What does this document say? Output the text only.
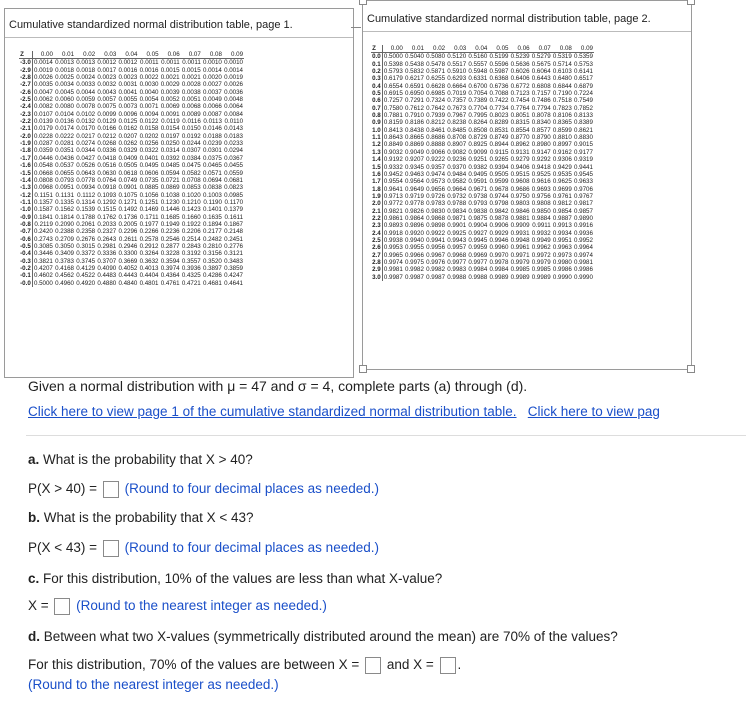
Cumulative standardized normal distribution table, page 1.
Z	0.00	0.01	0.02	0.03	0.04	0.05	0.06	0.07	0.08	0.09
-3.0	0.0014	0.0013	0.0013	0.0012	0.0012	0.0011	0.0011	0.0011	0.0010	0.0010
-2.9	0.0019	0.0018	0.0018	0.0017	0.0016	0.0016	0.0015	0.0015	0.0014	0.0014
-2.8	0.0026	0.0025	0.0024	0.0023	0.0023	0.0022	0.0021	0.0021	0.0020	0.0019
-2.7	0.0035	0.0034	0.0033	0.0032	0.0031	0.0030	0.0029	0.0028	0.0027	0.0026
-2.6	0.0047	0.0045	0.0044	0.0043	0.0041	0.0040	0.0039	0.0038	0.0037	0.0036
-2.5	0.0062	0.0060	0.0059	0.0057	0.0055	0.0054	0.0052	0.0051	0.0049	0.0048
-2.4	0.0082	0.0080	0.0078	0.0075	0.0073	0.0071	0.0069	0.0068	0.0066	0.0064
-2.3	0.0107	0.0104	0.0102	0.0099	0.0096	0.0094	0.0091	0.0089	0.0087	0.0084
-2.2	0.0139	0.0136	0.0132	0.0129	0.0125	0.0122	0.0119	0.0116	0.0113	0.0110
-2.1	0.0179	0.0174	0.0170	0.0166	0.0162	0.0158	0.0154	0.0150	0.0146	0.0143
-2.0	0.0228	0.0222	0.0217	0.0212	0.0207	0.0202	0.0197	0.0192	0.0188	0.0183
-1.9	0.0287	0.0281	0.0274	0.0268	0.0262	0.0256	0.0250	0.0244	0.0239	0.0233
-1.8	0.0359	0.0351	0.0344	0.0336	0.0329	0.0322	0.0314	0.0307	0.0301	0.0294
-1.7	0.0446	0.0436	0.0427	0.0418	0.0409	0.0401	0.0392	0.0384	0.0375	0.0367
-1.6	0.0548	0.0537	0.0526	0.0516	0.0505	0.0495	0.0485	0.0475	0.0465	0.0455
-1.5	0.0668	0.0655	0.0643	0.0630	0.0618	0.0606	0.0594	0.0582	0.0571	0.0559
-1.4	0.0808	0.0793	0.0778	0.0764	0.0749	0.0735	0.0721	0.0708	0.0694	0.0681
-1.3	0.0968	0.0951	0.0934	0.0918	0.0901	0.0885	0.0869	0.0853	0.0838	0.0823
-1.2	0.1151	0.1131	0.1112	0.1093	0.1075	0.1056	0.1038	0.1020	0.1003	0.0985
-1.1	0.1357	0.1335	0.1314	0.1292	0.1271	0.1251	0.1230	0.1210	0.1190	0.1170
-1.0	0.1587	0.1562	0.1539	0.1515	0.1492	0.1469	0.1446	0.1423	0.1401	0.1379
-0.9	0.1841	0.1814	0.1788	0.1762	0.1736	0.1711	0.1685	0.1660	0.1635	0.1611
-0.8	0.2119	0.2090	0.2061	0.2033	0.2005	0.1977	0.1949	0.1922	0.1894	0.1867
-0.7	0.2420	0.2388	0.2358	0.2327	0.2296	0.2266	0.2236	0.2206	0.2177	0.2148
-0.6	0.2743	0.2709	0.2676	0.2643	0.2611	0.2578	0.2546	0.2514	0.2482	0.2451
-0.5	0.3085	0.3050	0.3015	0.2981	0.2946	0.2912	0.2877	0.2843	0.2810	0.2776
-0.4	0.3446	0.3409	0.3372	0.3336	0.3300	0.3264	0.3228	0.3192	0.3156	0.3121
-0.3	0.3821	0.3783	0.3745	0.3707	0.3669	0.3632	0.3594	0.3557	0.3520	0.3483
-0.2	0.4207	0.4168	0.4129	0.4090	0.4052	0.4013	0.3974	0.3936	0.3897	0.3859
-0.1	0.4602	0.4562	0.4522	0.4483	0.4443	0.4404	0.4364	0.4325	0.4286	0.4247
-0.0	0.5000	0.4960	0.4920	0.4880	0.4840	0.4801	0.4761	0.4721	0.4681	0.4641
Cumulative standardized normal distribution table, page 2.
Z	0.00	0.01	0.02	0.03	0.04	0.05	0.06	0.07	0.08	0.09
0.0	0.5000	0.5040	0.5080	0.5120	0.5160	0.5199	0.5239	0.5279	0.5319	0.5359
0.1	0.5398	0.5438	0.5478	0.5517	0.5557	0.5596	0.5636	0.5675	0.5714	0.5753
0.2	0.5793	0.5832	0.5871	0.5910	0.5948	0.5987	0.6026	0.6064	0.6103	0.6141
0.3	0.6179	0.6217	0.6255	0.6293	0.6331	0.6368	0.6406	0.6443	0.6480	0.6517
0.4	0.6554	0.6591	0.6628	0.6664	0.6700	0.6736	0.6772	0.6808	0.6844	0.6879
0.5	0.6915	0.6950	0.6985	0.7019	0.7054	0.7088	0.7123	0.7157	0.7190	0.7224
0.6	0.7257	0.7291	0.7324	0.7357	0.7389	0.7422	0.7454	0.7486	0.7518	0.7549
0.7	0.7580	0.7612	0.7642	0.7673	0.7704	0.7734	0.7764	0.7794	0.7823	0.7852
0.8	0.7881	0.7910	0.7939	0.7967	0.7995	0.8023	0.8051	0.8078	0.8106	0.8133
0.9	0.8159	0.8186	0.8212	0.8238	0.8264	0.8289	0.8315	0.8340	0.8365	0.8389
1.0	0.8413	0.8438	0.8461	0.8485	0.8508	0.8531	0.8554	0.8577	0.8599	0.8621
1.1	0.8643	0.8665	0.8686	0.8708	0.8729	0.8749	0.8770	0.8790	0.8810	0.8830
1.2	0.8849	0.8869	0.8888	0.8907	0.8925	0.8944	0.8962	0.8980	0.8997	0.9015
1.3	0.9032	0.9049	0.9066	0.9082	0.9099	0.9115	0.9131	0.9147	0.9162	0.9177
1.4	0.9192	0.9207	0.9222	0.9236	0.9251	0.9265	0.9279	0.9292	0.9306	0.9319
1.5	0.9332	0.9345	0.9357	0.9370	0.9382	0.9394	0.9406	0.9418	0.9429	0.9441
1.6	0.9452	0.9463	0.9474	0.9484	0.9495	0.9505	0.9515	0.9525	0.9535	0.9545
1.7	0.9554	0.9564	0.9573	0.9582	0.9591	0.9599	0.9608	0.9616	0.9625	0.9633
1.8	0.9641	0.9649	0.9656	0.9664	0.9671	0.9678	0.9686	0.9693	0.9699	0.9706
1.9	0.9713	0.9719	0.9726	0.9732	0.9738	0.9744	0.9750	0.9756	0.9761	0.9767
2.0	0.9772	0.9778	0.9783	0.9788	0.9793	0.9798	0.9803	0.9808	0.9812	0.9817
2.1	0.9821	0.9826	0.9830	0.9834	0.9838	0.9842	0.9846	0.9850	0.9854	0.9857
2.2	0.9861	0.9864	0.9868	0.9871	0.9875	0.9878	0.9881	0.9884	0.9887	0.9890
2.3	0.9893	0.9896	0.9898	0.9901	0.9904	0.9906	0.9909	0.9911	0.9913	0.9916
2.4	0.9918	0.9920	0.9922	0.9925	0.9927	0.9929	0.9931	0.9932	0.9934	0.9936
2.5	0.9938	0.9940	0.9941	0.9943	0.9945	0.9946	0.9948	0.9949	0.9951	0.9952
2.6	0.9953	0.9955	0.9956	0.9957	0.9959	0.9960	0.9961	0.9962	0.9963	0.9964
2.7	0.9965	0.9966	0.9967	0.9968	0.9969	0.9970	0.9971	0.9972	0.9973	0.9974
2.8	0.9974	0.9975	0.9976	0.9977	0.9977	0.9978	0.9979	0.9979	0.9980	0.9981
2.9	0.9981	0.9982	0.9982	0.9983	0.9984	0.9984	0.9985	0.9985	0.9986	0.9986
3.0	0.9987	0.9987	0.9987	0.9988	0.9988	0.9989	0.9989	0.9989	0.9990	0.9990
Given a normal distribution with μ = 47 and σ = 4, complete parts (a) through (d).
Click here to view page 1 of the cumulative standardized normal distribution table. Click here to view pag
a. What is the probability that X > 40?
P(X > 40) = (Round to four decimal places as needed.)
b. What is the probability that X < 43?
P(X < 43) = (Round to four decimal places as needed.)
c. For this distribution, 10% of the values are less than what X-value?
X = (Round to the nearest integer as needed.)
d. Between what two X-values (symmetrically distributed around the mean) are 70% of the values?
For this distribution, 70% of the values are between X = and X = .
(Round to the nearest integer as needed.)
